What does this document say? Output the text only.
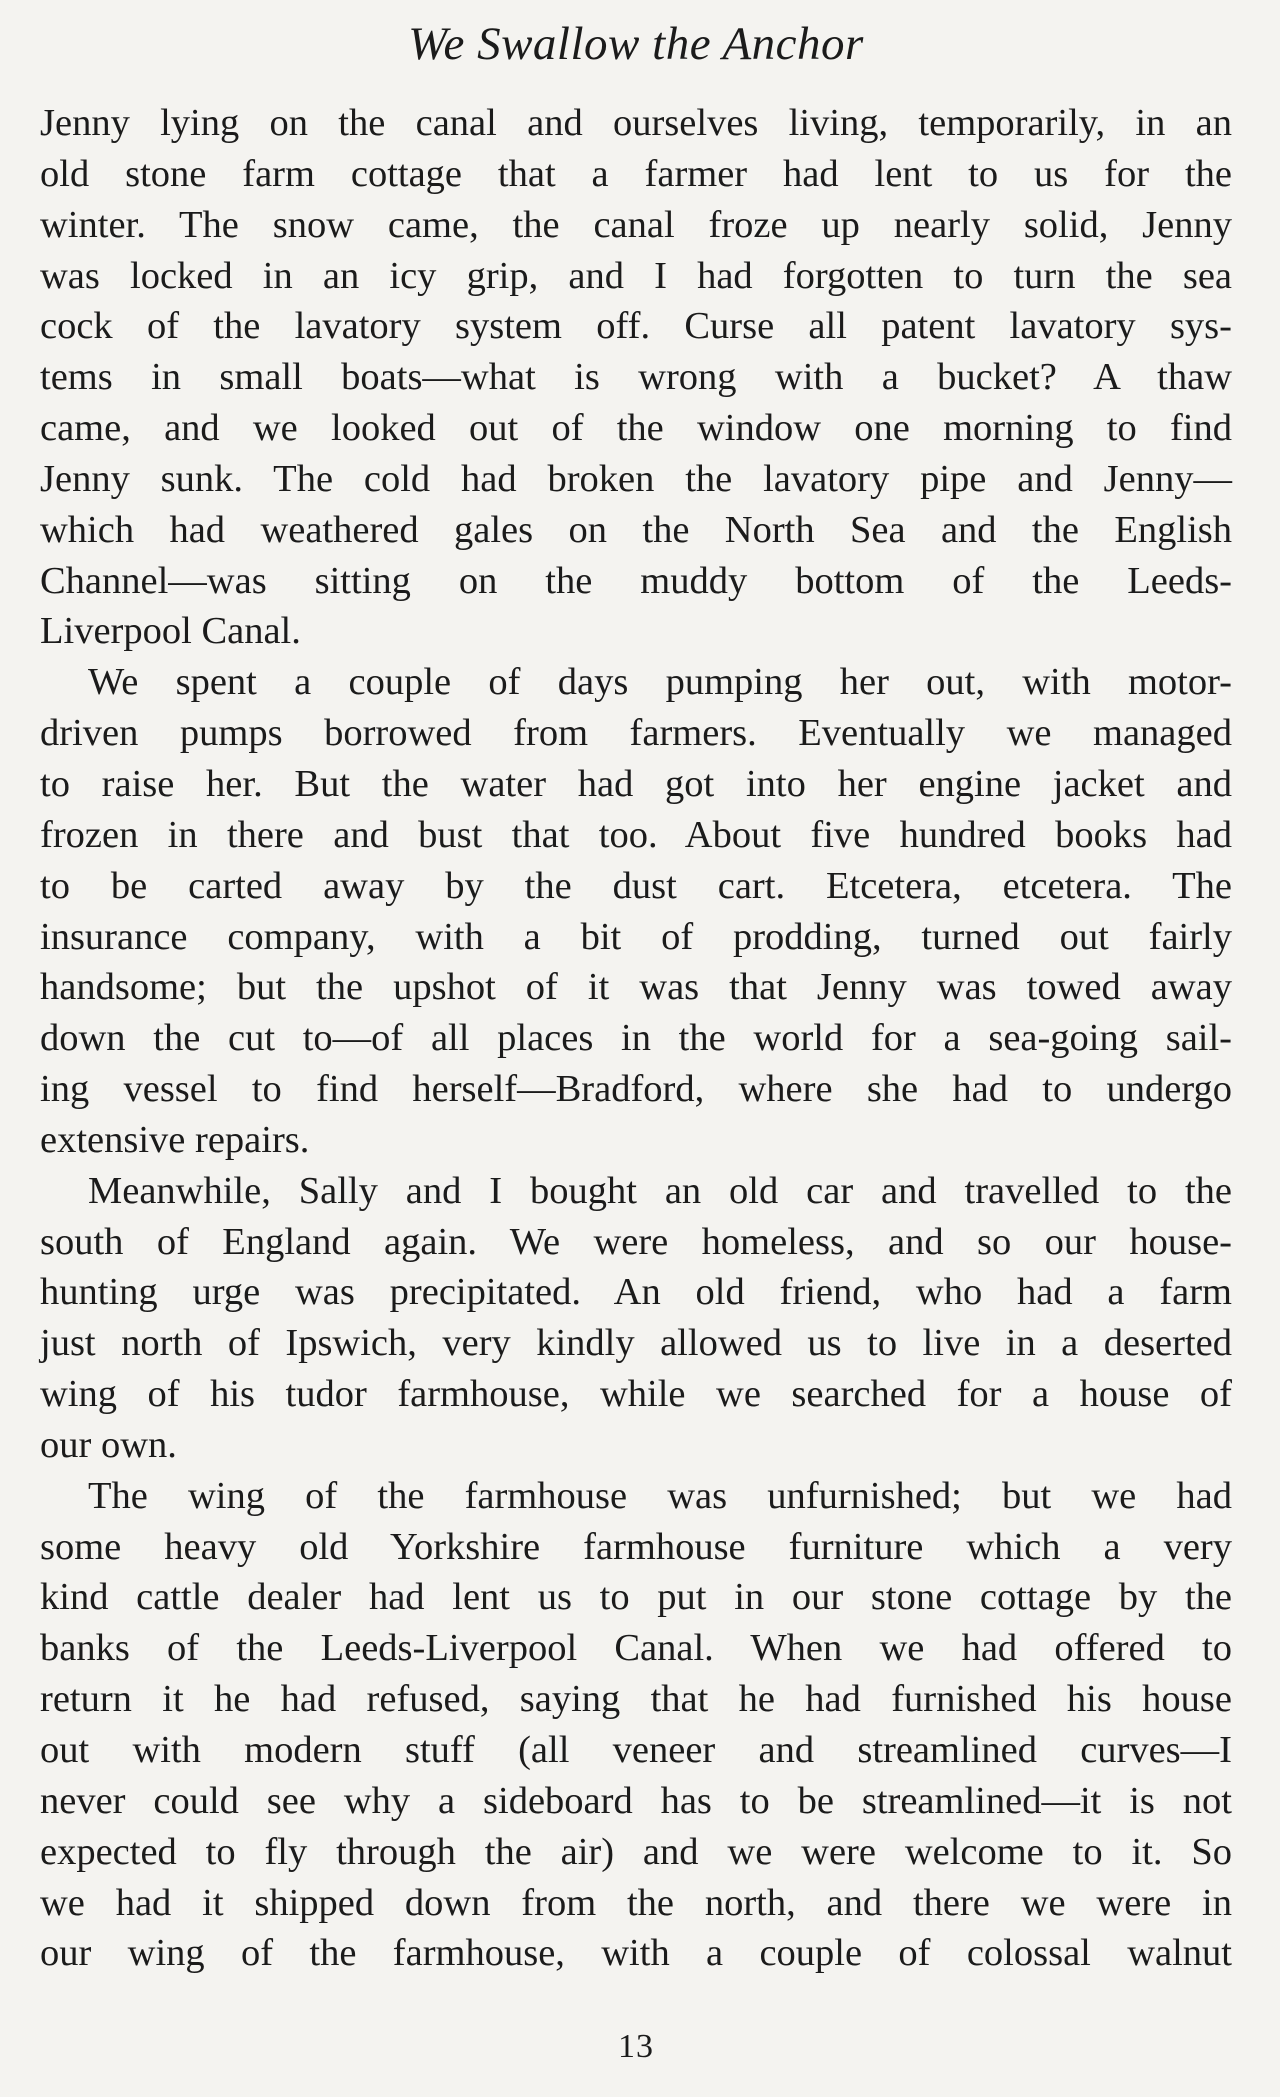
We Swallow the Anchor
Jenny lying on the canal and ourselves living, temporarily, in an
old stone farm cottage that a farmer had lent to us for the
winter. The snow came, the canal froze up nearly solid, Jenny
was locked in an icy grip, and I had forgotten to turn the sea
cock of the lavatory system off. Curse all patent lavatory sys-
tems in small boats—what is wrong with a bucket? A thaw
came, and we looked out of the window one morning to find
Jenny sunk. The cold had broken the lavatory pipe and Jenny—
which had weathered gales on the North Sea and the English
Channel—was sitting on the muddy bottom of the Leeds-
Liverpool Canal.
We spent a couple of days pumping her out, with motor-
driven pumps borrowed from farmers. Eventually we managed
to raise her. But the water had got into her engine jacket and
frozen in there and bust that too. About five hundred books had
to be carted away by the dust cart. Etcetera, etcetera. The
insurance company, with a bit of prodding, turned out fairly
handsome; but the upshot of it was that Jenny was towed away
down the cut to—of all places in the world for a sea-going sail-
ing vessel to find herself—Bradford, where she had to undergo
extensive repairs.
Meanwhile, Sally and I bought an old car and travelled to the
south of England again. We were homeless, and so our house-
hunting urge was precipitated. An old friend, who had a farm
just north of Ipswich, very kindly allowed us to live in a deserted
wing of his tudor farmhouse, while we searched for a house of
our own.
The wing of the farmhouse was unfurnished; but we had
some heavy old Yorkshire farmhouse furniture which a very
kind cattle dealer had lent us to put in our stone cottage by the
banks of the Leeds-Liverpool Canal. When we had offered to
return it he had refused, saying that he had furnished his house
out with modern stuff (all veneer and streamlined curves—I
never could see why a sideboard has to be streamlined—it is not
expected to fly through the air) and we were welcome to it. So
we had it shipped down from the north, and there we were in
our wing of the farmhouse, with a couple of colossal walnut
13
